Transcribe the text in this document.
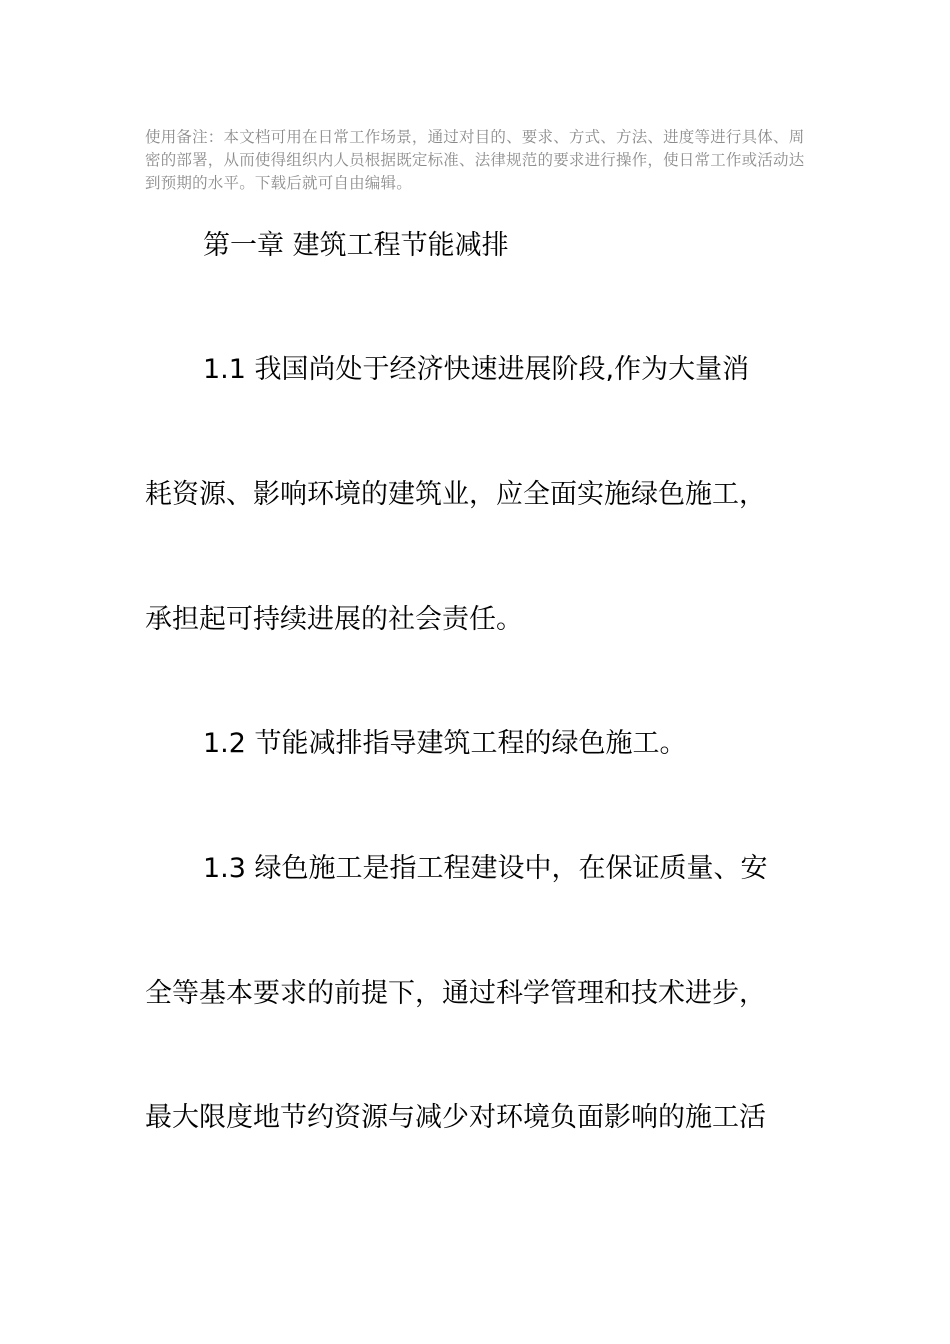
使用备注：本文档可用在日常工作场景，通过对目的、要求、方式、方法、进度等进行具体、周密的部署，从而使得组织内人员根据既定标准、法律规范的要求进行操作，使日常工作或活动达到预期的水平。下载后就可自由编辑。
第一章 建筑工程节能减排
1.1 我国尚处于经济快速进展阶段,作为大量消
耗资源、影响环境的建筑业，应全面实施绿色施工，
承担起可持续进展的社会责任。
1.2 节能减排指导建筑工程的绿色施工。
1.3 绿色施工是指工程建设中，在保证质量、安
全等基本要求的前提下，通过科学管理和技术进步，
最大限度地节约资源与减少对环境负面影响的施工活
